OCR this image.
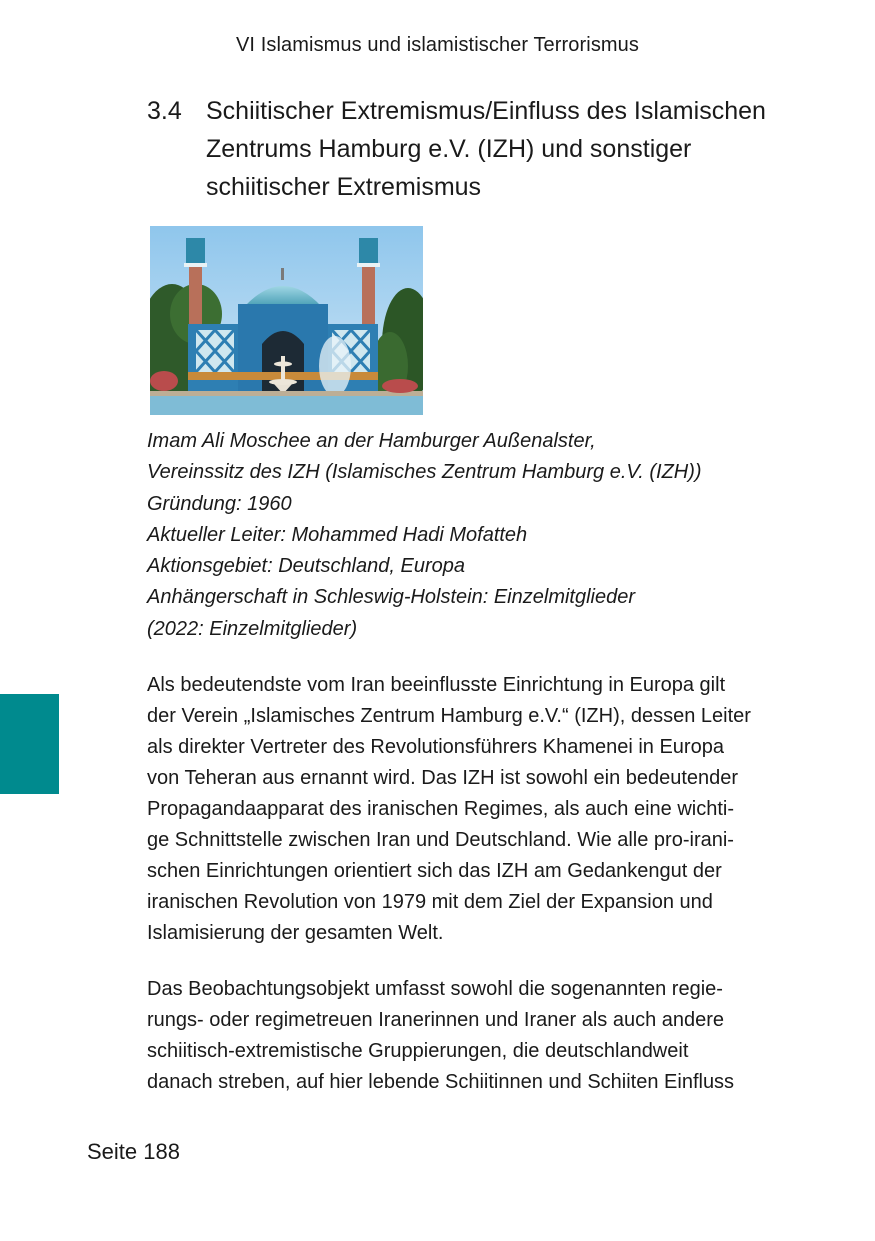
VI Islamismus und islamistischer Terrorismus
3.4 Schiitischer Extremismus/Einfluss des Islamischen
Zentrums Hamburg e.V. (IZH) und sonstiger
schiitischer Extremismus

Imam Ali Moschee an der Hamburger Außenalster,

Vereinssitz des IZH (Islamisches Zentrum Hamburg e.V. (IZH))

Gründung: 1960

Aktueller Leiter: Mohammed Hadi Mofatteh

Aktionsgebiet: Deutschland, Europa

Anhängerschaft in Schleswig-Holstein: Einzelmitglieder

(2022: Einzelmitglieder)

Als bedeutendste vom Iran beeinflusste Einrichtung in Europa gilt

der Verein „Islamisches Zentrum Hamburg e.V.“ (IZH), dessen Leiter

als direkter Vertreter des Revolutionsführers Khamenei in Europa

von Teheran aus ernannt wird. Das IZH ist sowohl ein bedeutender

Propagandaapparat des iranischen Regimes, als auch eine wichti-

ge Schnittstelle zwischen Iran und Deutschland. Wie alle pro-irani-

schen Einrichtungen orientiert sich das IZH am Gedankengut der

iranischen Revolution von 1979 mit dem Ziel der Expansion und

Islamisierung der gesamten Welt.

Das Beobachtungsobjekt umfasst sowohl die sogenannten regie-

rungs- oder regimetreuen Iranerinnen und Iraner als auch andere

schiitisch-extremistische Gruppierungen, die deutschlandweit

danach streben, auf hier lebende Schiitinnen und Schiiten Einfluss

Seite 188
